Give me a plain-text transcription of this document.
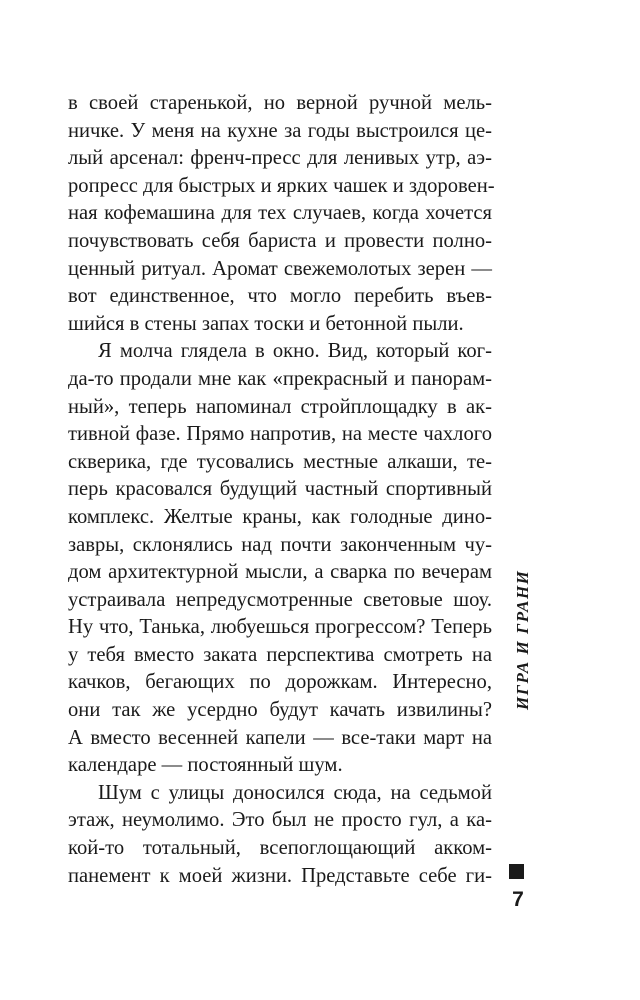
в своей старенькой, но верной ручной мель-
ничке. У меня на кухне за годы выстроился це-
лый арсенал: френч-пресс для ленивых утр, аэ-
ропресс для быстрых и ярких чашек и здоровен-
ная кофемашина для тех случаев, когда хочется
почувствовать себя бариста и провести полно-
ценный ритуал. Аромат свежемолотых зерен —
вот единственное, что могло перебить въев-
шийся в стены запах тоски и бетонной пыли.
Я молча глядела в окно. Вид, который ког-
да-то продали мне как «прекрасный и панорам-
ный», теперь напоминал стройплощадку в ак-
тивной фазе. Прямо напротив, на месте чахлого
скверика, где тусовались местные алкаши, те-
перь красовался будущий частный спортивный
комплекс. Желтые краны, как голодные дино-
завры, склонялись над почти законченным чу-
дом архитектурной мысли, а сварка по вечерам
устраивала непредусмотренные световые шоу.
Ну что, Танька, любуешься прогрессом? Теперь
у тебя вместо заката перспектива смотреть на
качков, бегающих по дорожкам. Интересно,
они так же усердно будут качать извилины?
А вместо весенней капели — все-таки март на
календаре — постоянный шум.
Шум с улицы доносился сюда, на седьмой
этаж, неумолимо. Это был не просто гул, а ка-
кой-то тотальный, всепоглощающий акком-
панемент к моей жизни. Представьте себе ги-
ИГРА И ГРАНИ
7
